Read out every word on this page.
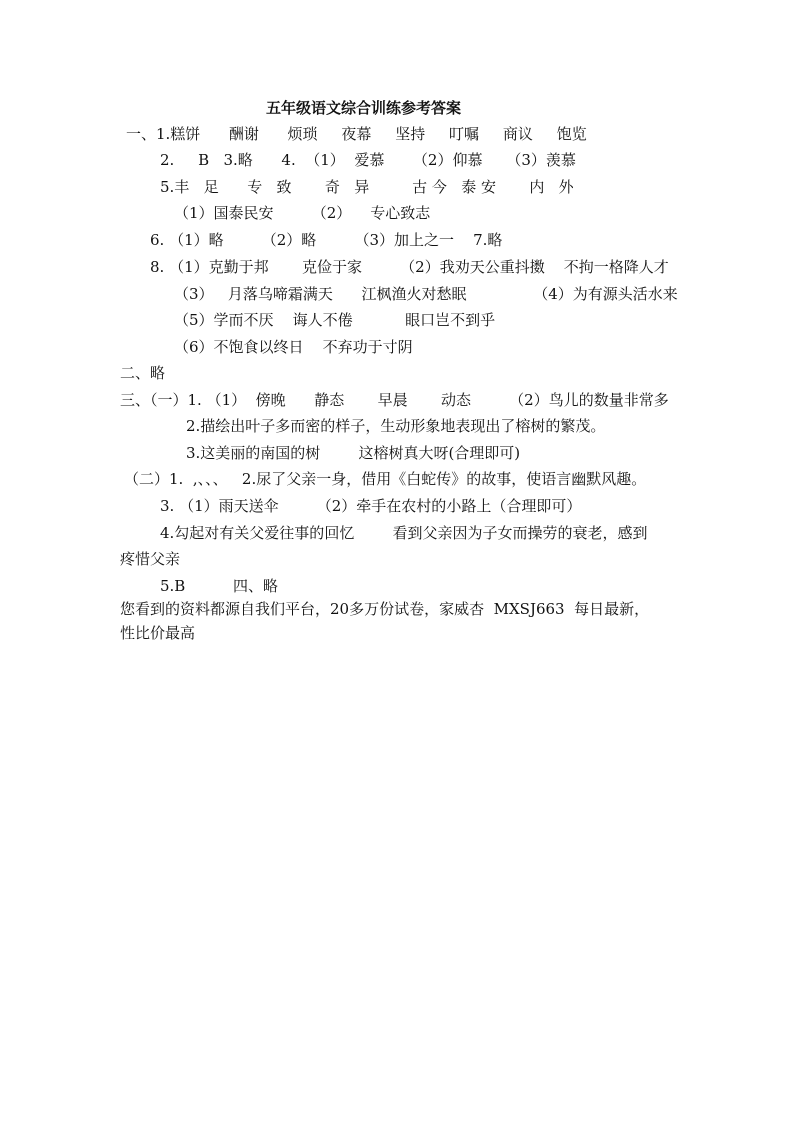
五年级语文综合训练参考答案
一、1.糕饼      酬谢      烦琐     夜幕     坚持     叮嘱     商议     饱览
2.     B   3.略      4.  （1）  爱慕      （2）仰慕     （3）羡慕
5.丰   足      专   致       奇   异         古 今   泰 安       内   外
（1）国泰民安        （2）    专心致志
6. （1）略        （2）略        （3）加上之一    7.略
8. （1）克勤于邦       克俭于家        （2）我劝天公重抖擞    不拘一格降人才
（3）   月落乌啼霜满天      江枫渔火对愁眠              （4）为有源头活水来
（5）学而不厌    诲人不倦           眼口岂不到乎
（6）不饱食以终日    不弃功于寸阴
二、略
三、（一）1. （1）  傍晚      静态       早晨       动态        （2）鸟儿的数量非常多
2.描绘出叶子多而密的样子，生动形象地表现出了榕树的繁茂。
3.这美丽的南国的树        这榕树真大呀(合理即可)
（二）1.  ,、、、   2.尿了父亲一身，借用《白蛇传》的故事，使语言幽默风趣。
3. （1）雨天送伞        （2）牵手在农村的小路上（合理即可）
4.勾起对有关父爱往事的回忆        看到父亲因为子女而操劳的衰老，感到
疼惜父亲
5.B          四、略
您看到的资料都源自我们平台，20多万份试卷，家威杏  MXSJ663  每日最新，
性比价最高
